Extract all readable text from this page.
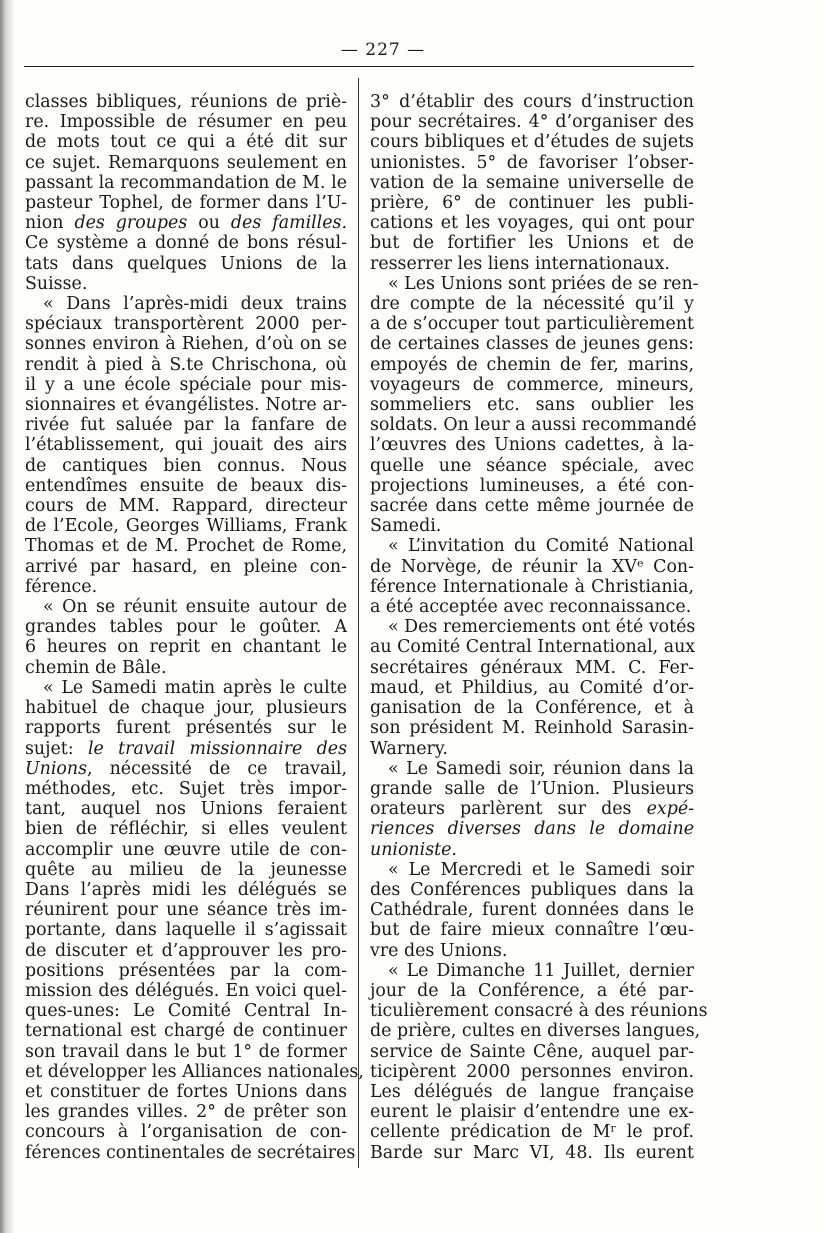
— 227 —
classes bibliques, réunions de priè-
re. Impossible de résumer en peu
de mots tout ce qui a été dit sur
ce sujet. Remarquons seulement en
passant la recommandation de M. le
pasteur Tophel, de former dans l’U-
nion des groupes ou des familles.
Ce système a donné de bons résul-
tats dans quelques Unions de la
Suisse.
« Dans l’après-midi deux trains
spéciaux transportèrent 2000 per-
sonnes environ à Riehen, d’où on se
rendit à pied à S.te Chrischona, où
il y a une école spéciale pour mis-
sionnaires et évangélistes. Notre ar-
rivée fut saluée par la fanfare de
l’établissement, qui jouait des airs
de cantiques bien connus. Nous
entendîmes ensuite de beaux dis-
cours de MM. Rappard, directeur
de l’Ecole, Georges Williams, Frank
Thomas et de M. Prochet de Rome,
arrivé par hasard, en pleine con-
férence.
« On se réunit ensuite autour de
grandes tables pour le goûter. A
6 heures on reprit en chantant le
chemin de Bâle.
« Le Samedi matin après le culte
habituel de chaque jour, plusieurs
rapports furent présentés sur le
sujet: le travail missionnaire des
Unions, nécessité de ce travail,
méthodes, etc. Sujet très impor-
tant, auquel nos Unions feraient
bien de réfléchir, si elles veulent
accomplir une œuvre utile de con-
quête au milieu de la jeunesse
Dans l’après midi les délégués se
réunirent pour une séance très im-
portante, dans laquelle il s’agissait
de discuter et d’approuver les pro-
positions présentées par la com-
mission des délégués. En voici quel-
ques-unes: Le Comité Central In-
ternational est chargé de continuer
son travail dans le but 1° de former
et développer les Alliances nationales,
et constituer de fortes Unions dans
les grandes villes. 2° de prêter son
concours à l’organisation de con-
férences continentales de secrétaires
3° d’établir des cours d’instruction
pour secrétaires. 4° d’organiser des
cours bibliques et d’études de sujets
unionistes. 5° de favoriser l’obser-
vation de la semaine universelle de
prière, 6° de continuer les publi-
cations et les voyages, qui ont pour
but de fortifier les Unions et de
resserrer les liens internationaux.
« Les Unions sont priées de se ren-
dre compte de la nécessité qu’il y
a de s’occuper tout particulièrement
de certaines classes de jeunes gens:
empoyés de chemin de fer, marins,
voyageurs de commerce, mineurs,
sommeliers etc. sans oublier les
soldats. On leur a aussi recommandé
l’œuvres des Unions cadettes, à la-
quelle une séance spéciale, avec
projections lumineuses, a été con-
sacrée dans cette même journée de
Samedi.
« L’invitation du Comité National
de Norvège, de réunir la XVᵉ Con-
férence Internationale à Christiania,
a été acceptée avec reconnaissance.
« Des remerciements ont été votés
au Comité Central International, aux
secrétaires généraux MM. C. Fer-
maud, et Phildius, au Comité d’or-
ganisation de la Conférence, et à
son président M. Reinhold Sarasin-
Warnery.
« Le Samedi soir, réunion dans la
grande salle de l’Union. Plusieurs
orateurs parlèrent sur des expé-
riences diverses dans le domaine
unioniste.
« Le Mercredi et le Samedi soir
des Conférences publiques dans la
Cathédrale, furent données dans le
but de faire mieux connaître l’œu-
vre des Unions.
« Le Dimanche 11 Juillet, dernier
jour de la Conférence, a été par-
ticulièrement consacré à des réunions
de prière, cultes en diverses langues,
service de Sainte Cêne, auquel par-
ticipèrent 2000 personnes environ.
Les délégués de langue française
eurent le plaisir d’entendre une ex-
cellente prédication de Mʳ le prof.
Barde sur Marc VI, 48. Ils eurent
